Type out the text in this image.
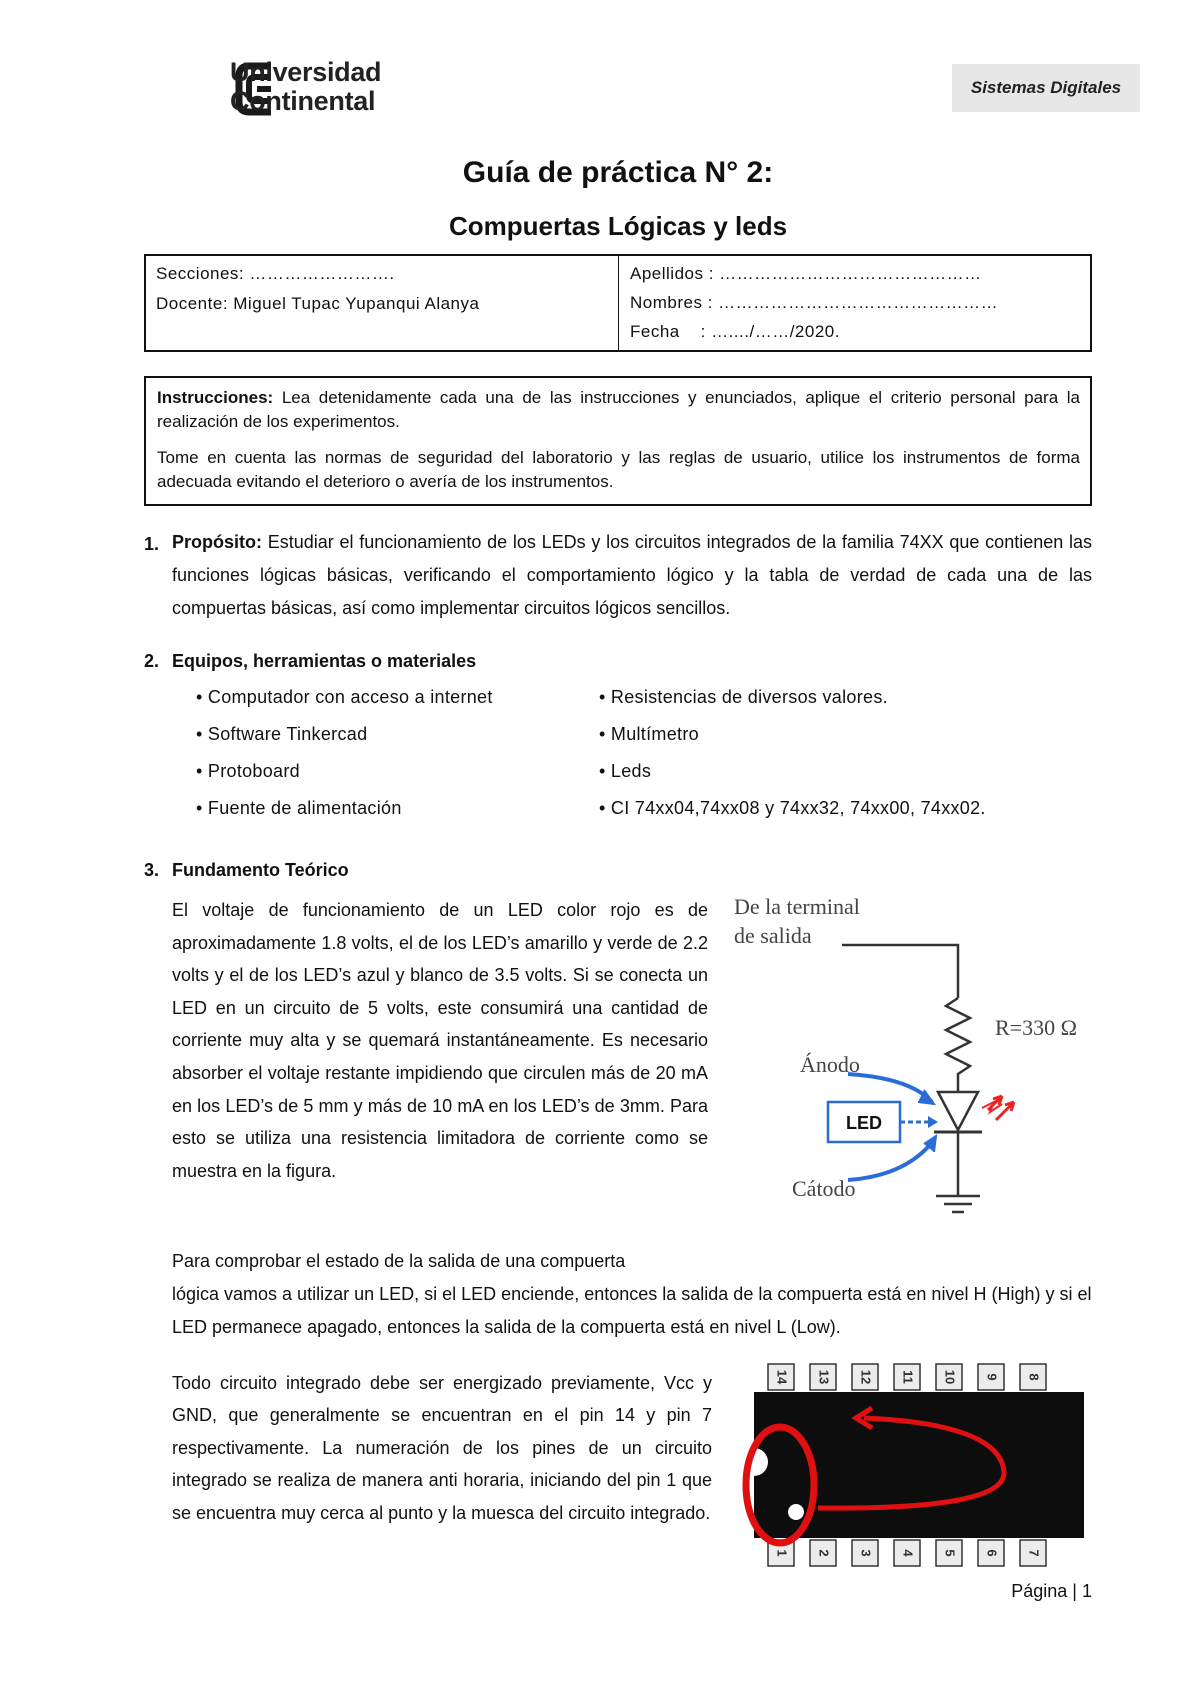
Universidad
Continental	Sistemas Digitales
Guía de práctica N° 2:
Compuertas Lógicas y leds
Secciones: …………………….
Docente: Miguel Tupac Yupanqui Alanya
Apellidos : ………………………………………
Nombres : …………………………………………
Fecha    : …..../……/2020.

Instrucciones: Lea detenidamente cada una de las instrucciones y enunciados, aplique el criterio personal para la realización de los experimentos.

Tome en cuenta las normas de seguridad del laboratorio y las reglas de usuario, utilice los instrumentos de forma adecuada evitando el deterioro o avería de los instrumentos.

1. Propósito: Estudiar el funcionamiento de los LEDs y los circuitos integrados de la familia 74XX que contienen las funciones lógicas básicas, verificando el comportamiento lógico y la tabla de verdad de cada una de las compuertas básicas, así como implementar circuitos lógicos sencillos.
2. Equipos, herramientas o materiales
• Computador con acceso a internet
• Software Tinkercad
• Protoboard
• Fuente de alimentación
• Resistencias de diversos valores.
• Multímetro
• Leds
• CI 74xx04,74xx08 y 74xx32, 74xx00, 74xx02.
3. Fundamento Teórico
El voltaje de funcionamiento de un LED color rojo es de aproximadamente 1.8 volts, el de los LED’s amarillo y verde de 2.2 volts y el de los LED’s azul y blanco de 3.5 volts. Si se conecta un LED en un circuito de 5 volts, este consumirá una cantidad de corriente muy alta y se quemará instantáneamente. Es necesario absorber el voltaje restante impidiendo que circulen más de 20 mA en los LED’s de 5 mm y más de 10 mA en los LED’s de 3mm. Para esto se utiliza una resistencia limitadora de corriente como se muestra en la figura.
De la terminal
de salida
R=330 Ω
Ánodo
Cátodo
LED
Para comprobar el estado de la salida de una compuerta
lógica vamos a utilizar un LED, si el LED enciende, entonces la salida de la compuerta está en nivel H (High) y si el LED permanece apagado, entonces la salida de la compuerta está en nivel L (Low).
Todo circuito integrado debe ser energizado previamente, Vcc y GND, que generalmente se encuentran en el pin 14 y pin 7 respectivamente. La numeración de los pines de un circuito integrado se realiza de manera anti horaria, iniciando del pin 1 que se encuentra muy cerca al punto y la muesca del circuito integrado.
14 13 12 11 10 9 8
1 2 3 4 5 6 7
Página | 1
